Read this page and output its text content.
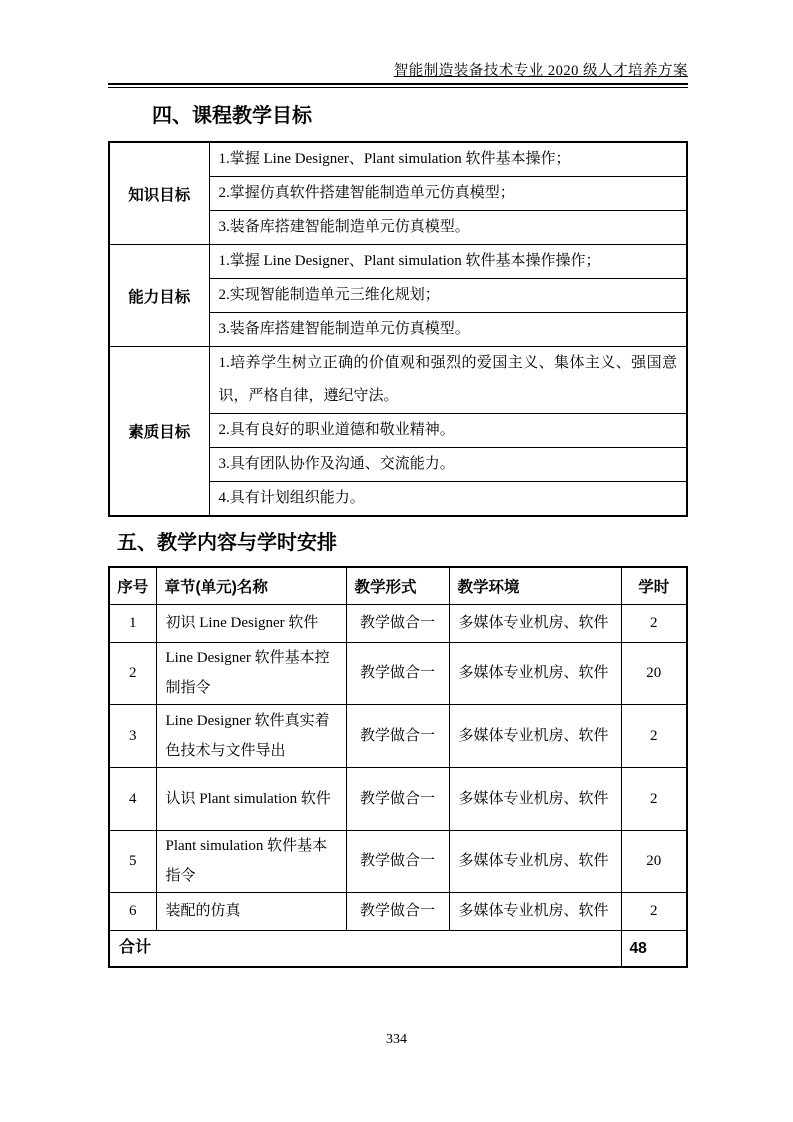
智能制造装备技术专业 2020 级人才培养方案
四、课程教学目标
知识目标	1.掌握 Line Designer、Plant simulation 软件基本操作；
	2.掌握仿真软件搭建智能制造单元仿真模型；
	3.装备库搭建智能制造单元仿真模型。
能力目标	1.掌握 Line Designer、Plant simulation 软件基本操作操作；
	2.实现智能制造单元三维化规划；
	3.装备库搭建智能制造单元仿真模型。
素质目标	1.培养学生树立正确的价值观和强烈的爱国主义、集体主义、强国意识，严格自律，遵纪守法。
	2.具有良好的职业道德和敬业精神。
	3.具有团队协作及沟通、交流能力。
	4.具有计划组织能力。
五、教学内容与学时安排
序号	章节(单元)名称	教学形式	教学环境	学时
1	初识 Line Designer 软件	教学做合一	多媒体专业机房、软件	2
2	Line Designer 软件基本控制指令	教学做合一	多媒体专业机房、软件	20
3	Line Designer 软件真实着色技术与文件导出	教学做合一	多媒体专业机房、软件	2
4	认识 Plant simulation 软件	教学做合一	多媒体专业机房、软件	2
5	Plant simulation 软件基本指令	教学做合一	多媒体专业机房、软件	20
6	装配的仿真	教学做合一	多媒体专业机房、软件	2
合计				48
334
